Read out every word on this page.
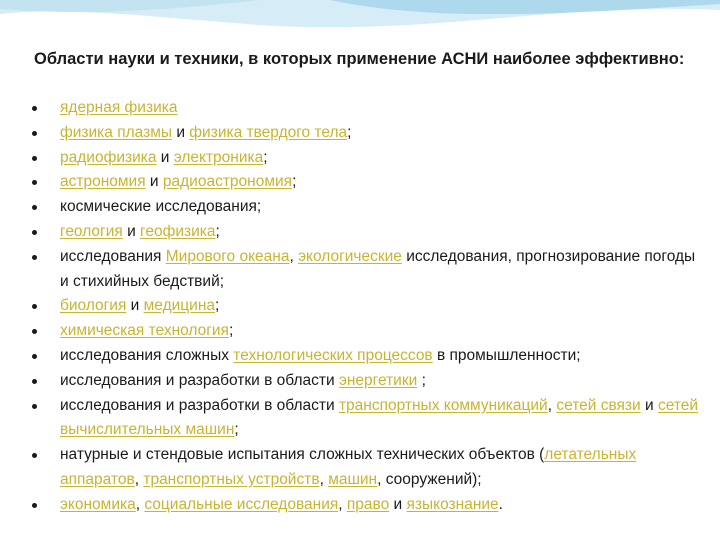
Области науки и техники, в которых применение АСНИ наиболее эффективно:
ядерная физика
физика плазмы и физика твердого тела;
радиофизика и электроника;
астрономия и радиоастрономия;
космические исследования;
геология и геофизика;
исследования Мирового океана, экологические исследования, прогнозирование погоды и стихийных бедствий;
биология и медицина;
химическая технология;
исследования сложных технологических процессов в промышленности;
исследования и разработки в области энергетики ;
исследования и разработки в области транспортных коммуникаций, сетей связи и сетей вычислительных машин;
натурные и стендовые испытания сложных технических объектов (летательных аппаратов, транспортных устройств, машин, сооружений);
экономика, социальные исследования, право и языкознание.
